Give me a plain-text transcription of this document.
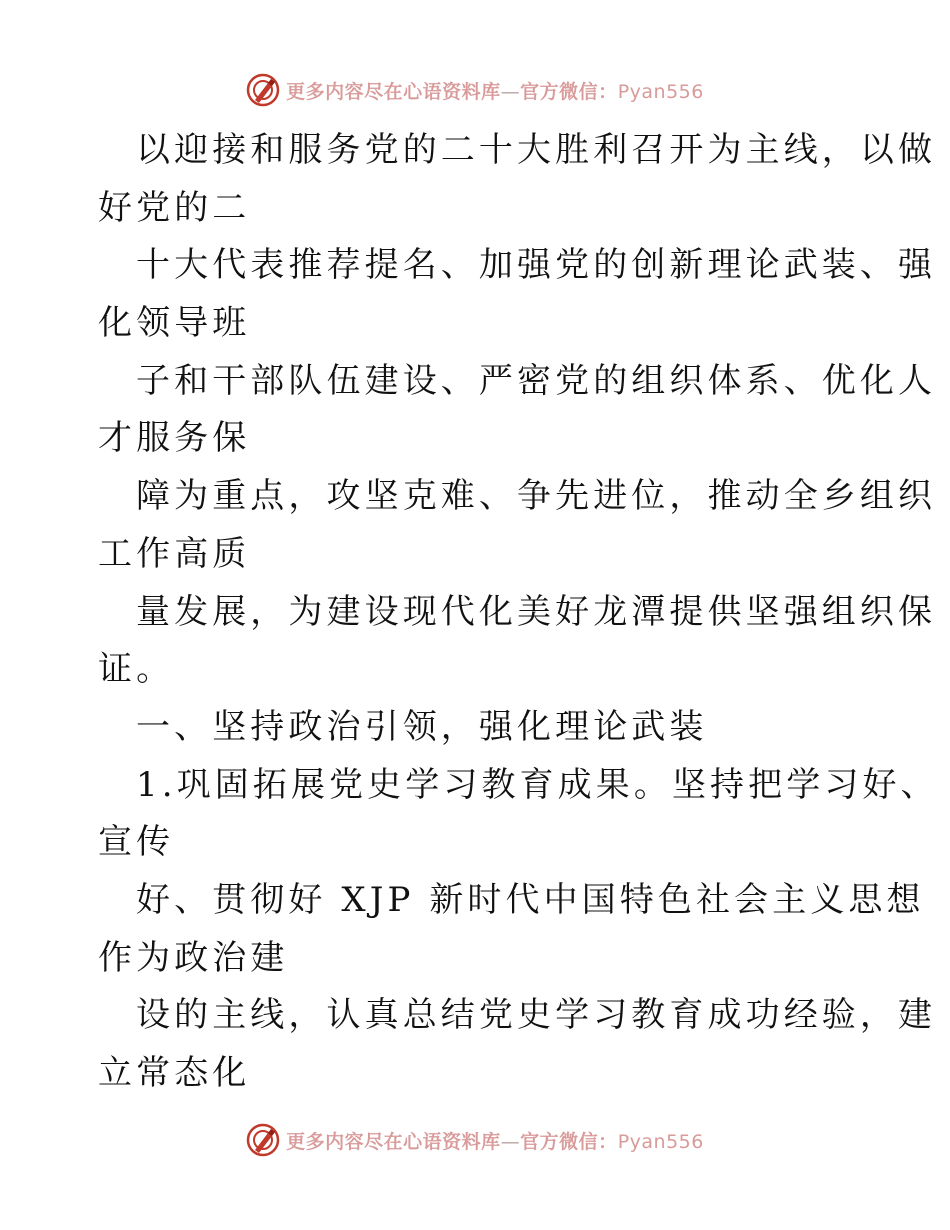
更多内容尽在心语资料库—官方微信：Pyan556
以迎接和服务党的二十大胜利召开为主线，以做
好党的二
十大代表推荐提名、加强党的创新理论武装、强
化领导班
子和干部队伍建设、严密党的组织体系、优化人
才服务保
障为重点，攻坚克难、争先进位，推动全乡组织
工作高质
量发展，为建设现代化美好龙潭提供坚强组织保
证。
一、坚持政治引领，强化理论武装
1.巩固拓展党史学习教育成果。坚持把学习好、
宣传
好、贯彻好 XJP 新时代中国特色社会主义思想
作为政治建
设的主线，认真总结党史学习教育成功经验，建
立常态化
更多内容尽在心语资料库—官方微信：Pyan556
